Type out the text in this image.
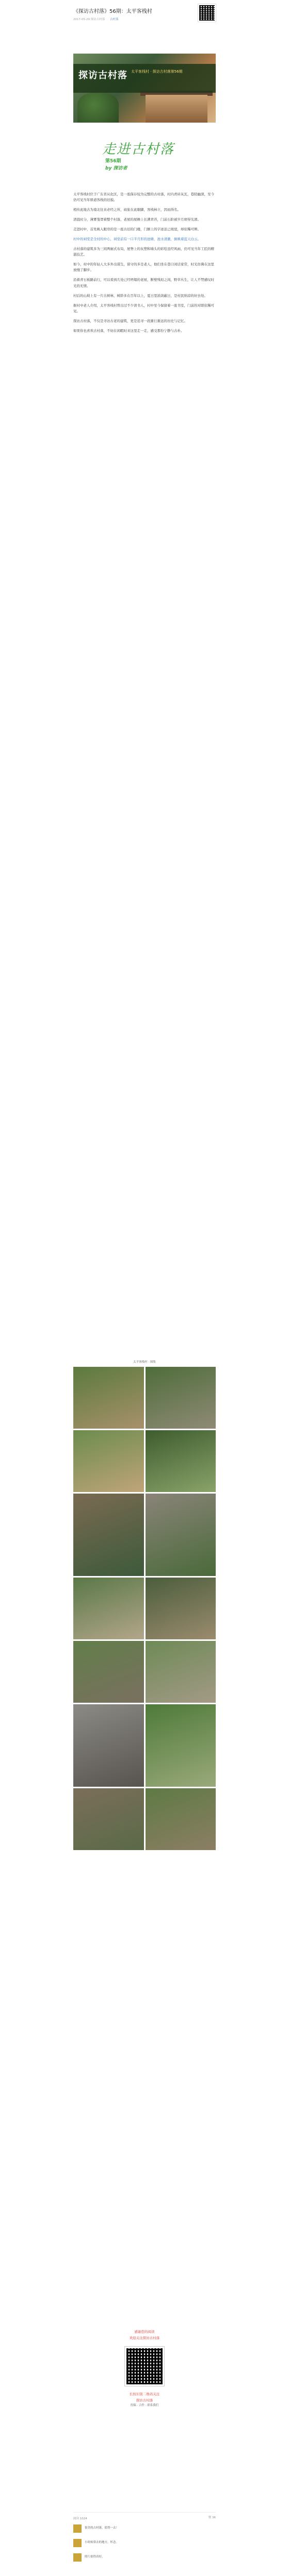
《探访古村落》56期：太平客栈村
2017-05-29 探访古村落 古村落
探访古村落 太平客栈村 · 探访古村落第56期
走进古村落
第56期
by 探访者

太平客栈村位于广东省从化区，是一座保存较为完整的古村落，村内青砖灰瓦，巷陌幽深，至今仍可见当年驿道客栈的旧貌。

相传此地古为南北往来必经之所，商旅在此歇脚，客栈林立，因而得名。

清晨时分，薄雾笼罩着整个村落，老屋的屋檐上长满青苔，门前石阶被岁月磨得光滑。

走进村中，首先映入眼帘的是一座古旧的门楼，门额上的字迹虽已斑驳，却依稀可辨。

村中的祠堂是全村的中心，祠堂前有一口半月形的池塘，池水清澈，倒映着蓝天白云。

古村落的建筑多为三间两廊式布局，屋脊上的灰塑和墙头的彩绘虽经风雨，仍可见当年工匠的精湛技艺。

如今，村中的年轻人大多外出谋生，留守的多是老人，他们坐在巷口闲话家常，时光仿佛在这里放慢了脚步。

沿着青石板路前行，可以看到几处已经坍塌的老屋，断壁残垣之间，野草丛生，让人不禁感叹时光的无情。

村后的山坡上有一片古树林，树龄多在百年以上，夏日里浓荫蔽日，是村民纳凉的好去处。

据村中老人介绍，太平客栈村曾出过不少读书人，村中至今保留着一座书室，门前的对联依稀可见。

探访古村落，不仅是寻访古老的建筑，更是追寻一段渐行渐远的历史与记忆。

如果你也喜欢古村落，不妨在闲暇时来这里走一走，感受那份宁静与古朴。

太平客栈村 · 图集
感谢您的阅读
欢迎关注探访古村落
长按识别二维码关注
探访古村落
投稿 · 合作 · 联系我们
阅读 1024	赞 36
很美的古村落，值得一去！
小时候常去的地方，怀念。
照片拍得真好。
